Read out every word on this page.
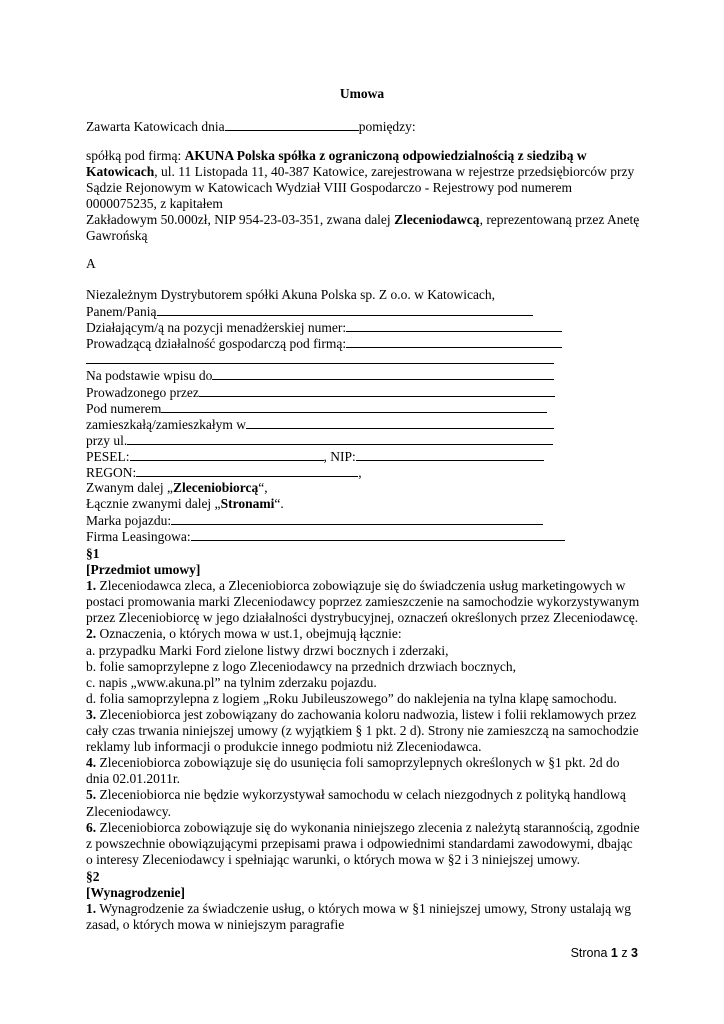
Umowa
Zawarta Katowicach dnia	pomiędzy:
spółką pod firmą: AKUNA Polska spółka z ograniczoną odpowiedzialnością z siedzibą w
Katowicach, ul. 11 Listopada 11, 40-387 Katowice, zarejestrowana w rejestrze przedsiębiorców przy
Sądzie Rejonowym w Katowicach Wydział VIII Gospodarczo - Rejestrowy pod numerem
0000075235, z kapitałem
Zakładowym 50.000zł, NIP 954-23-03-351, zwana dalej Zleceniodawcą, reprezentowaną przez Anetę
Gawrońską
A
Niezależnym Dystrybutorem spółki Akuna Polska sp. Z o.o. w Katowicach,
Panem/Panią
Działającym/ą na pozycji menadżerskiej numer:
Prowadzącą działalność gospodarczą pod firmą:
Na podstawie wpisu do
Prowadzonego przez
Pod numerem
zamieszkałą/zamieszkałym w
przy ul.
PESEL:	, NIP:
REGON:	,
Zwanym dalej „Zleceniobiorcą“,
Łącznie zwanymi dalej „Stronami“.
Marka pojazdu:
Firma Leasingowa:
§1
[Przedmiot umowy]
1. Zleceniodawca zleca, a Zleceniobiorca zobowiązuje się do świadczenia usług marketingowych w
postaci promowania marki Zleceniodawcy poprzez zamieszczenie na samochodzie wykorzystywanym
przez Zleceniobiorcę w jego działalności dystrybucyjnej, oznaczeń określonych przez Zleceniodawcę.
2. Oznaczenia, o których mowa w ust.1, obejmują łącznie:
a. przypadku Marki Ford zielone listwy drzwi bocznych i zderzaki,
b. folie samoprzylepne z logo Zleceniodawcy na przednich drzwiach bocznych,
c. napis „www.akuna.pl” na tylnim zderzaku pojazdu.
d. folia samoprzylepna z logiem „Roku Jubileuszowego” do naklejenia na tylna klapę samochodu.
3. Zleceniobiorca jest zobowiązany do zachowania koloru nadwozia, listew i folii reklamowych przez
cały czas trwania niniejszej umowy (z wyjątkiem § 1 pkt. 2 d). Strony nie zamieszczą na samochodzie
reklamy lub informacji o produkcie innego podmiotu niż Zleceniodawca.
4. Zleceniobiorca zobowiązuje się do usunięcia foli samoprzylepnych określonych w §1 pkt. 2d do
dnia 02.01.2011r.
5. Zleceniobiorca nie będzie wykorzystywał samochodu w celach niezgodnych z polityką handlową
Zleceniodawcy.
6. Zleceniobiorca zobowiązuje się do wykonania niniejszego zlecenia z należytą starannością, zgodnie
z powszechnie obowiązującymi przepisami prawa i odpowiednimi standardami zawodowymi, dbając
o interesy Zleceniodawcy i spełniając warunki, o których mowa w §2 i 3 niniejszej umowy.
§2
[Wynagrodzenie]
1. Wynagrodzenie za świadczenie usług, o których mowa w §1 niniejszej umowy, Strony ustalają wg
zasad, o których mowa w niniejszym paragrafie
Strona 1 z 3
